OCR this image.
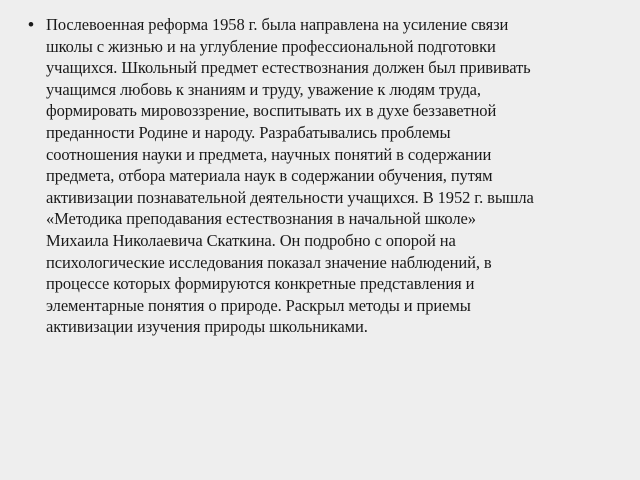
• Послевоенная реформа 1958 г. была направлена на усиление связи
школы с жизнью и на углубление профессиональной подготовки
учащихся. Школьный предмет естествознания должен был прививать
учащимся любовь к знаниям и труду, уважение к людям труда,
формировать мировоззрение, воспитывать их в духе беззаветной
преданности Родине и народу. Разрабатывались проблемы
соотношения науки и предмета, научных понятий в содержании
предмета, отбора материала наук в содержании обучения, путям
активизации познавательной деятельности учащихся. В 1952 г. вышла
«Методика преподавания естествознания в начальной школе»
Михаила Николаевича Скаткина. Он подробно с опорой на
психологические исследования показал значение наблюдений, в
процессе которых формируются конкретные представления и
элементарные понятия о природе. Раскрыл методы и приемы
активизации изучения природы школьниками.
